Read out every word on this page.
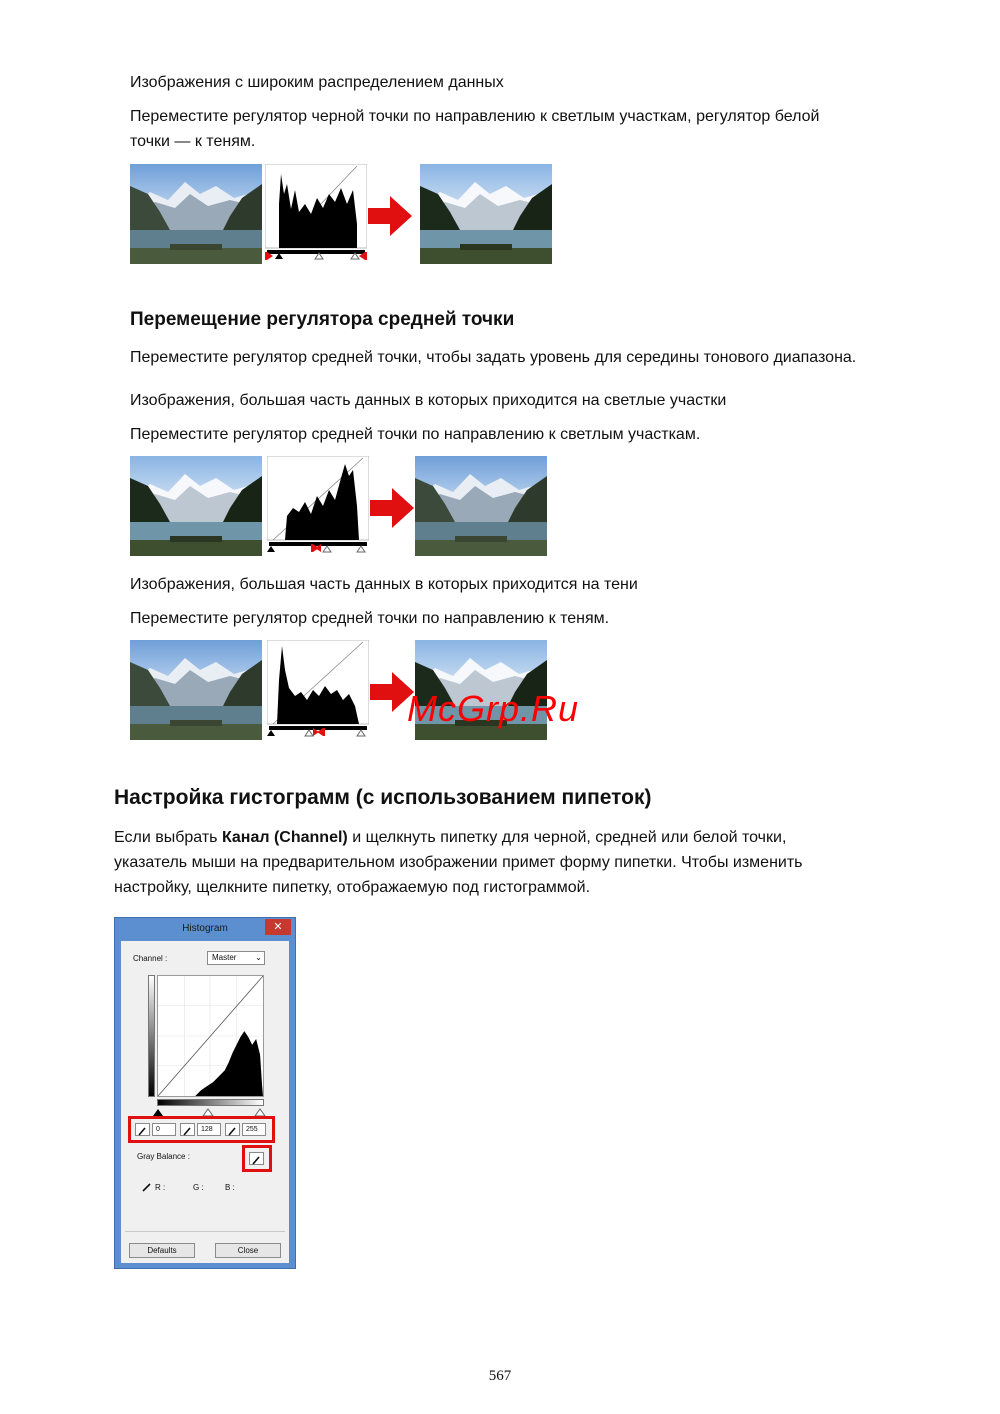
Изображения с широким распределением данных
Переместите регулятор черной точки по направлению к светлым участкам, регулятор белой
точки — к теням.
Перемещение регулятора средней точки
Переместите регулятор средней точки, чтобы задать уровень для середины тонового диапазона.
Изображения, большая часть данных в которых приходится на светлые участки
Переместите регулятор средней точки по направлению к светлым участкам.
Изображения, большая часть данных в которых приходится на тени
Переместите регулятор средней точки по направлению к теням.
McGrp.Ru
Настройка гистограмм (с использованием пипеток)
Если выбрать Канал (Channel) и щелкнуть пипетку для черной, средней или белой точки,
указатель мыши на предварительном изображении примет форму пипетки. Чтобы изменить
настройку, щелкните пипетку, отображаемую под гистограммой.
Histogram	✕
Channel :	Master ⌄
0	128	255
Gray Balance :
R :	G :	B :
Defaults	Close
567
